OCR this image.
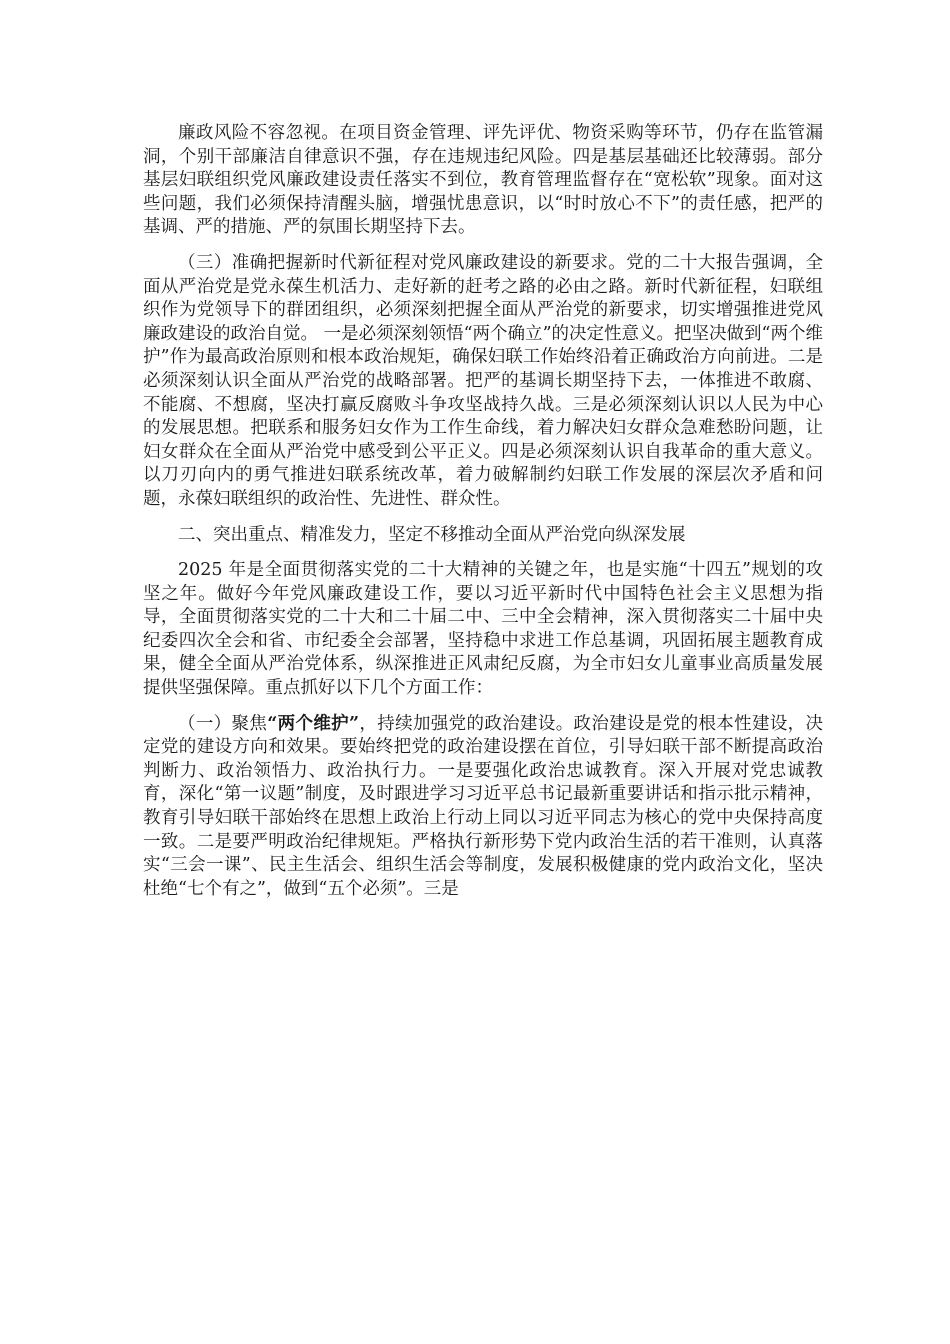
廉政风险不容忽视。在项目资金管理、评先评优、物资采购等环节，仍存在监管漏洞，个别干部廉洁自律意识不强，存在违规违纪风险。四是基层基础还比较薄弱。部分基层妇联组织党风廉政建设责任落实不到位，教育管理监督存在“宽松软”现象。面对这些问题，我们必须保持清醒头脑，增强忧患意识，以“时时放心不下”的责任感，把严的基调、严的措施、严的氛围长期坚持下去。

（三）准确把握新时代新征程对党风廉政建设的新要求。党的二十大报告强调，全面从严治党是党永葆生机活力、走好新的赶考之路的必由之路。新时代新征程，妇联组织作为党领导下的群团组织，必须深刻把握全面从严治党的新要求，切实增强推进党风廉政建设的政治自觉。 一是必须深刻领悟“两个确立”的决定性意义。把坚决做到“两个维护”作为最高政治原则和根本政治规矩，确保妇联工作始终沿着正确政治方向前进。二是必须深刻认识全面从严治党的战略部署。把严的基调长期坚持下去，一体推进不敢腐、不能腐、不想腐，坚决打赢反腐败斗争攻坚战持久战。三是必须深刻认识以人民为中心的发展思想。把联系和服务妇女作为工作生命线，着力解决妇女群众急难愁盼问题，让妇女群众在全面从严治党中感受到公平正义。四是必须深刻认识自我革命的重大意义。以刀刃向内的勇气推进妇联系统改革，着力破解制约妇联工作发展的深层次矛盾和问题，永葆妇联组织的政治性、先进性、群众性。

二、突出重点、精准发力，坚定不移推动全面从严治党向纵深发展

2025 年是全面贯彻落实党的二十大精神的关键之年，也是实施“十四五”规划的攻坚之年。做好今年党风廉政建设工作，要以习近平新时代中国特色社会主义思想为指导，全面贯彻落实党的二十大和二十届二中、三中全会精神，深入贯彻落实二十届中央纪委四次全会和省、市纪委全会部署，坚持稳中求进工作总基调，巩固拓展主题教育成果，健全全面从严治党体系，纵深推进正风肃纪反腐，为全市妇女儿童事业高质量发展提供坚强保障。重点抓好以下几个方面工作：

（一）聚焦“两个维护”，持续加强党的政治建设。政治建设是党的根本性建设，决定党的建设方向和效果。要始终把党的政治建设摆在首位，引导妇联干部不断提高政治判断力、政治领悟力、政治执行力。一是要强化政治忠诚教育。深入开展对党忠诚教育，深化“第一议题”制度，及时跟进学习习近平总书记最新重要讲话和指示批示精神，教育引导妇联干部始终在思想上政治上行动上同以习近平同志为核心的党中央保持高度一致。二是要严明政治纪律规矩。严格执行新形势下党内政治生活的若干准则，认真落实“三会一课”、民主生活会、组织生活会等制度，发展积极健康的党内政治文化，坚决杜绝“七个有之”，做到“五个必须”。三是
